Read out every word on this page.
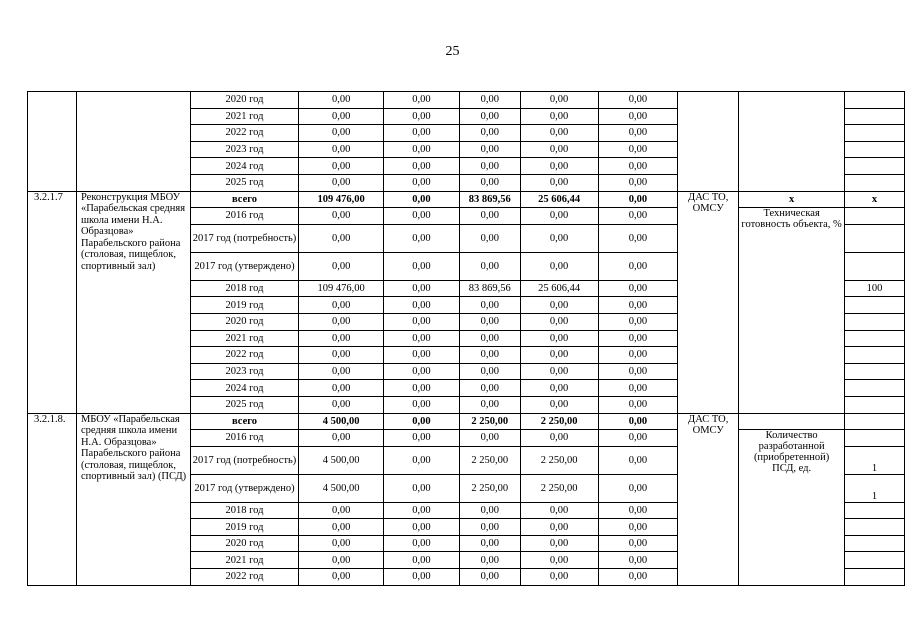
25
		2020 год	0,00	0,00	0,00	0,00	0,00			
		2021 год	0,00	0,00	0,00	0,00	0,00			
		2022 год	0,00	0,00	0,00	0,00	0,00			
		2023 год	0,00	0,00	0,00	0,00	0,00			
		2024 год	0,00	0,00	0,00	0,00	0,00			
		2025 год	0,00	0,00	0,00	0,00	0,00			
3.2.1.7	Реконструкция МБОУ «Парабельская средняя школа имени Н.А. Образцова» Парабельского района (столовая, пищеблок, спортивный зал)	всего	109 476,00	0,00	83 869,56	25 606,44	0,00	ДАС ТО, ОМСУ	х	х
		2016 год	0,00	0,00	0,00	0,00	0,00		Техническая готовность объекта, %	
		2017 год (потребность)	0,00	0,00	0,00	0,00	0,00			
		2017 год (утверждено)	0,00	0,00	0,00	0,00	0,00			
		2018 год	109 476,00	0,00	83 869,56	25 606,44	0,00			100
		2019 год	0,00	0,00	0,00	0,00	0,00			
		2020 год	0,00	0,00	0,00	0,00	0,00			
		2021 год	0,00	0,00	0,00	0,00	0,00			
		2022 год	0,00	0,00	0,00	0,00	0,00			
		2023 год	0,00	0,00	0,00	0,00	0,00			
		2024 год	0,00	0,00	0,00	0,00	0,00			
		2025 год	0,00	0,00	0,00	0,00	0,00			
3.2.1.8.	МБОУ «Парабельская средняя школа имени Н.А. Образцова» Парабельского района (столовая, пищеблок, спортивный зал) (ПСД)	всего	4 500,00	0,00	2 250,00	2 250,00	0,00	ДАС ТО, ОМСУ		
		2016 год	0,00	0,00	0,00	0,00	0,00		Количество разработанной (приобретенной) ПСД, ед.	
		2017 год (потребность)	4 500,00	0,00	2 250,00	2 250,00	0,00			1
		2017 год (утверждено)	4 500,00	0,00	2 250,00	2 250,00	0,00			1
		2018 год	0,00	0,00	0,00	0,00	0,00			
		2019 год	0,00	0,00	0,00	0,00	0,00			
		2020 год	0,00	0,00	0,00	0,00	0,00			
		2021 год	0,00	0,00	0,00	0,00	0,00			
		2022 год	0,00	0,00	0,00	0,00	0,00			
